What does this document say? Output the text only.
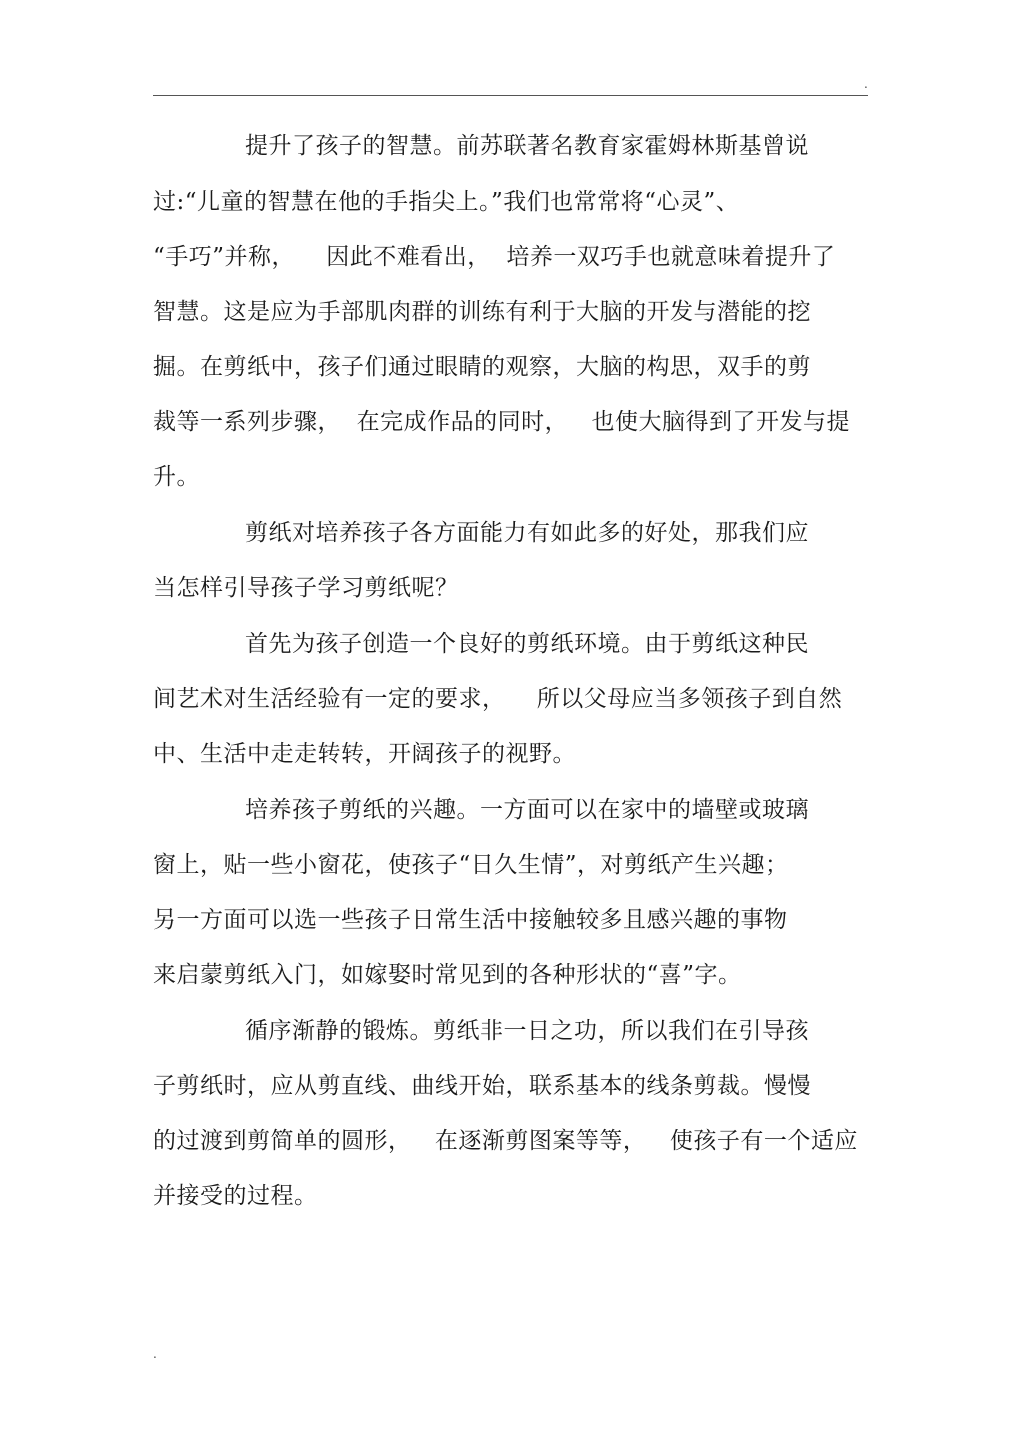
.
提升了孩子的智慧。前苏联著名教育家霍姆林斯基曾说
过:“儿童的智慧在他的手指尖上。”我们也常常将“心灵”、
“手巧”并称，    因此不难看出，  培养一双巧手也就意味着提升了
智慧。这是应为手部肌肉群的训练有利于大脑的开发与潜能的挖
掘。在剪纸中，孩子们通过眼睛的观察，大脑的构思，双手的剪
裁等一系列步骤，  在完成作品的同时，   也使大脑得到了开发与提
升。
剪纸对培养孩子各方面能力有如此多的好处，那我们应
当怎样引导孩子学习剪纸呢？
首先为孩子创造一个良好的剪纸环境。由于剪纸这种民
间艺术对生活经验有一定的要求，    所以父母应当多领孩子到自然
中、生活中走走转转，开阔孩子的视野。
培养孩子剪纸的兴趣。一方面可以在家中的墙壁或玻璃
窗上，贴一些小窗花，使孩子“日久生情”，对剪纸产生兴趣；
另一方面可以选一些孩子日常生活中接触较多且感兴趣的事物
来启蒙剪纸入门，如嫁娶时常见到的各种形状的“喜”字。
循序渐静的锻炼。剪纸非一日之功，所以我们在引导孩
子剪纸时，应从剪直线、曲线开始，联系基本的线条剪裁。慢慢
的过渡到剪简单的圆形，   在逐渐剪图案等等，   使孩子有一个适应
并接受的过程。
.
